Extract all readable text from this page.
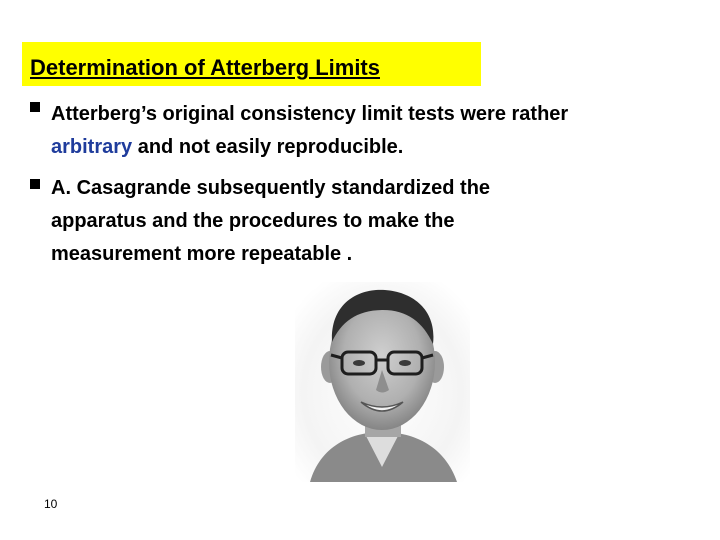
Determination of Atterberg Limits
Atterberg’s original consistency limit tests were rather
arbitrary and not easily reproducible.
A. Casagrande subsequently standardized the
apparatus and the procedures to make the
measurement more repeatable .
10
